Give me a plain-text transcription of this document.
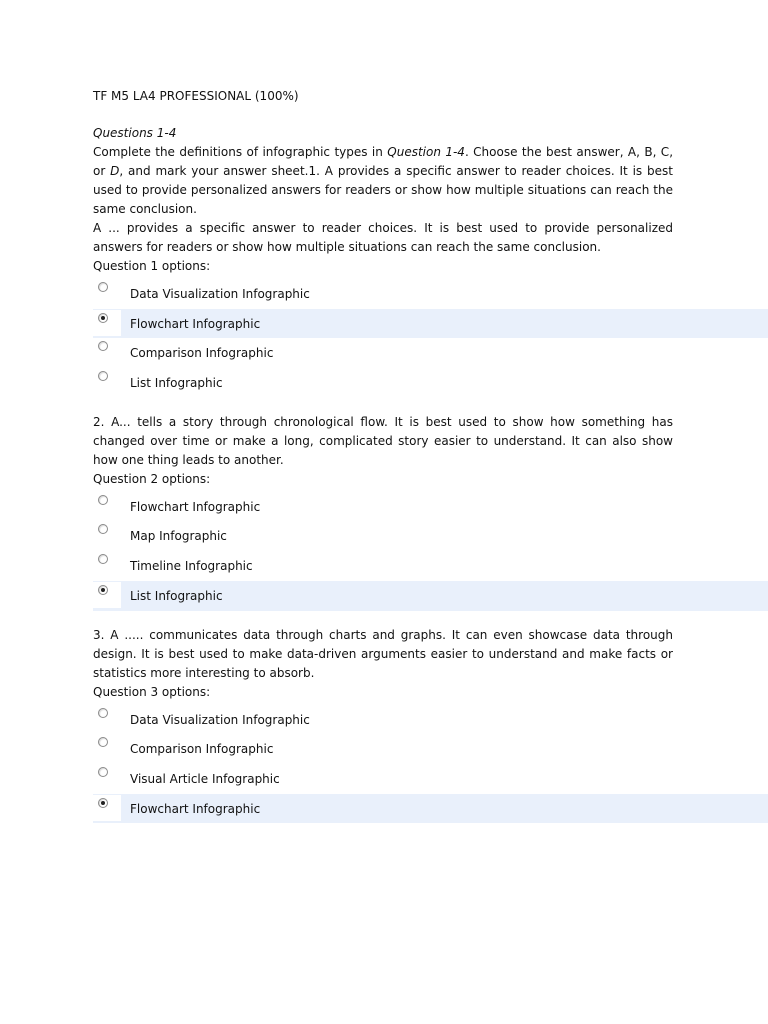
TF M5 LA4 PROFESSIONAL (100%)

Questions 1-4

Complete the definitions of infographic types in Question 1-4. Choose the best answer, A, B, C, or D, and mark your answer sheet.1. A provides a specific answer to reader choices. It is best used to provide personalized answers for readers or show how multiple situations can reach the same conclusion.

A ... provides a specific answer to reader choices. It is best used to provide personalized answers for readers or show how multiple situations can reach the same conclusion.

Question 1 options:

Data Visualization Infographic
Flowchart Infographic
Comparison Infographic
List Infographic

2. A... tells a story through chronological flow. It is best used to show how something has changed over time or make a long, complicated story easier to understand. It can also show how one thing leads to another.

Question 2 options:

Flowchart Infographic
Map Infographic
Timeline Infographic
List Infographic

3. A ..... communicates data through charts and graphs. It can even showcase data through design. It is best used to make data-driven arguments easier to understand and make facts or statistics more interesting to absorb.

Question 3 options:

Data Visualization Infographic
Comparison Infographic
Visual Article Infographic
Flowchart Infographic
